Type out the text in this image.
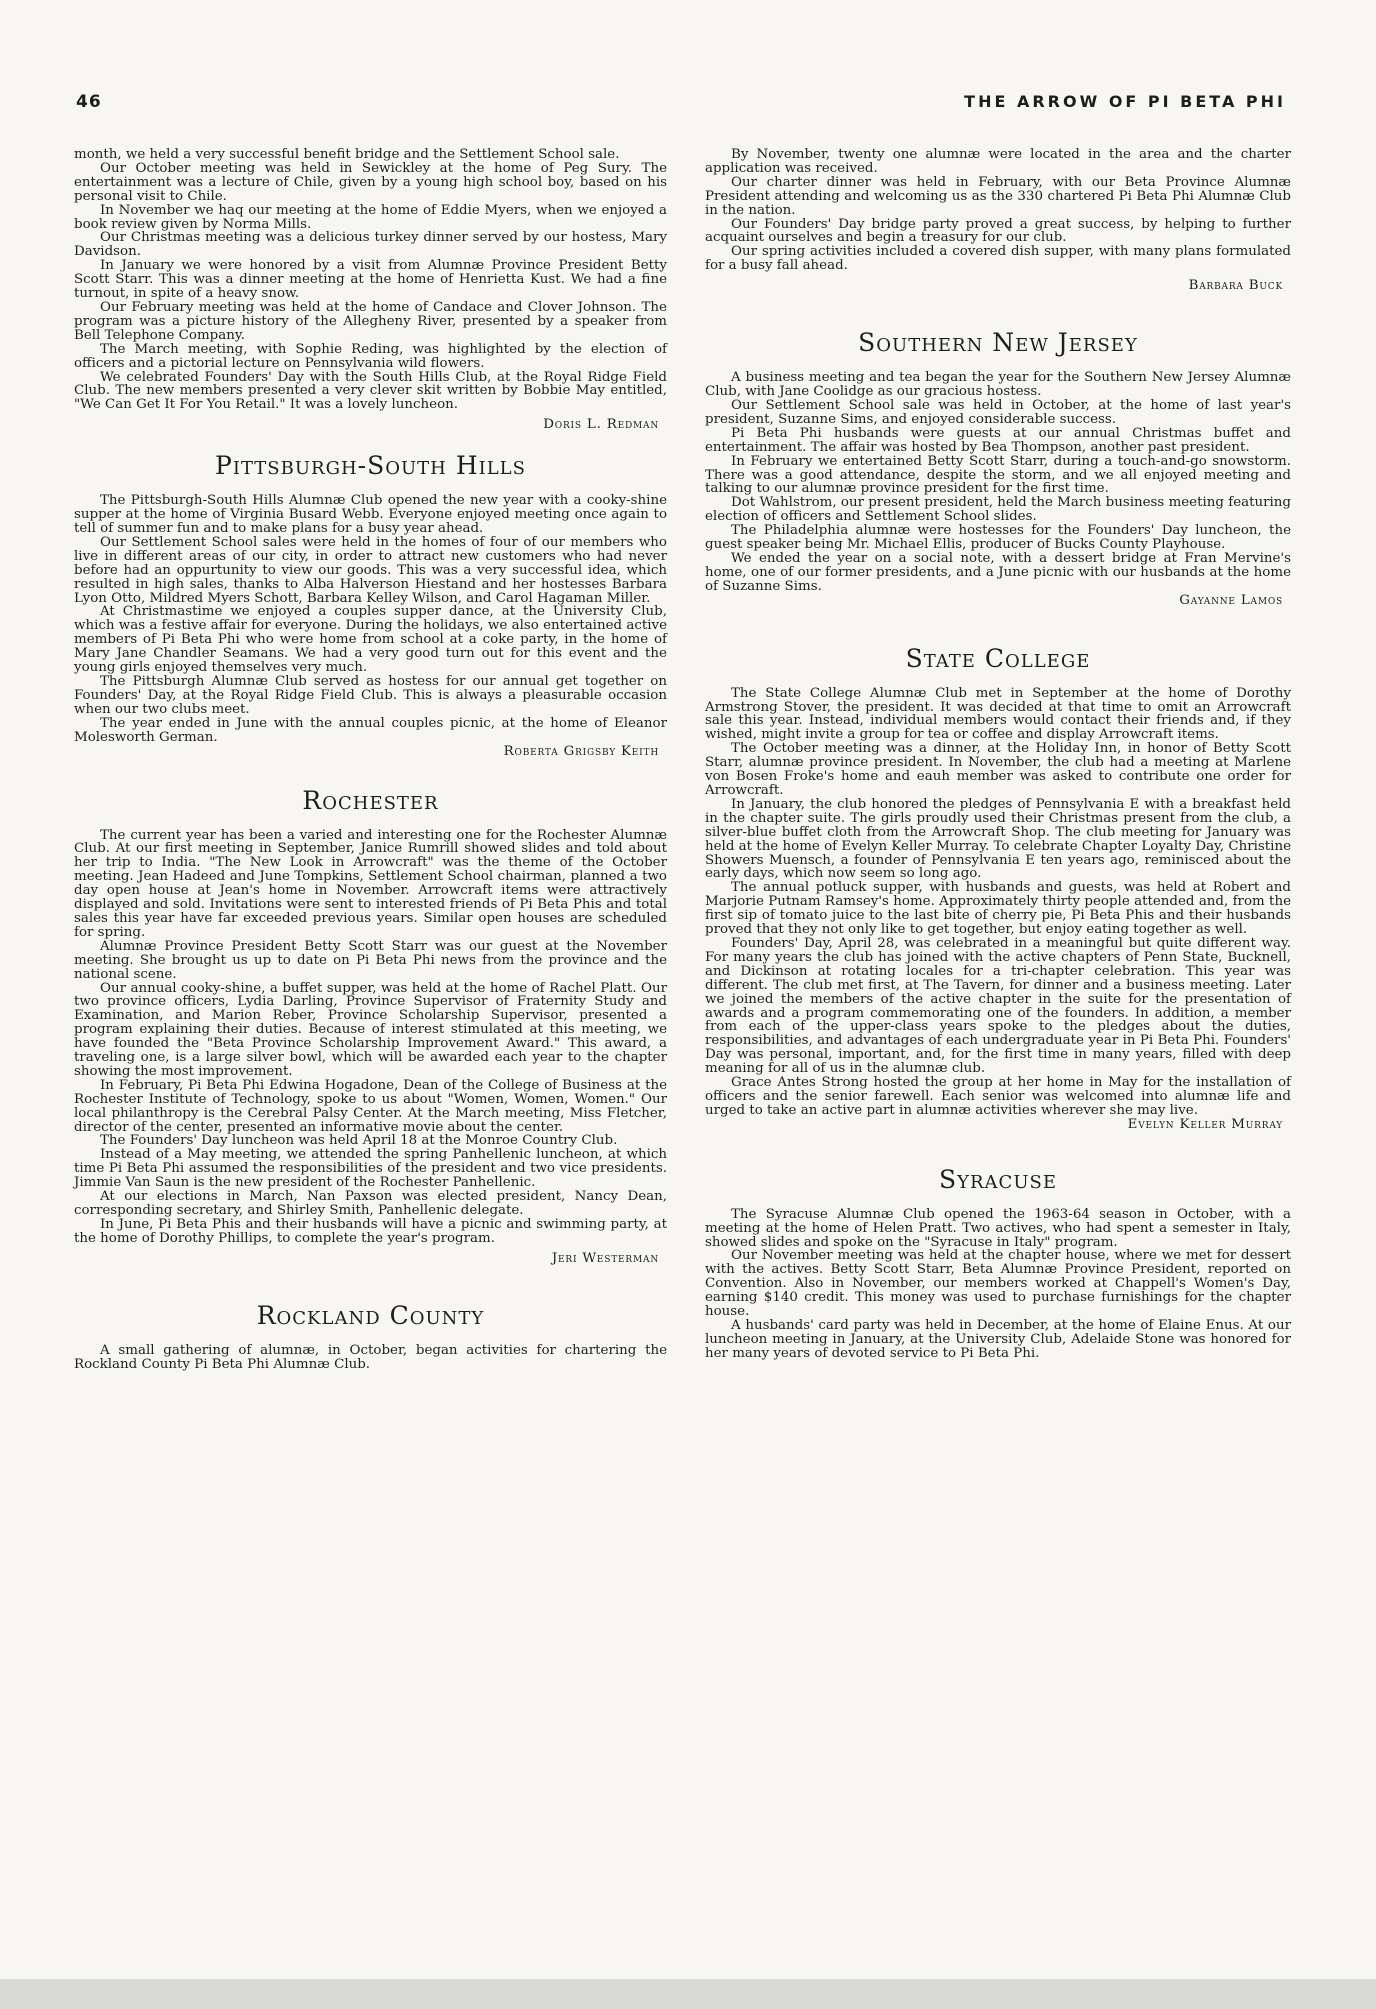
46	THE ARROW OF PI BETA PHI

month, we held a very successful benefit bridge and the Settlement School sale.

Our October meeting was held in Sewickley at the home of Peg Sury. The entertainment was a lecture of Chile, given by a young high school boy, based on his personal visit to Chile.

In November we haq our meeting at the home of Eddie Myers, when we enjoyed a book review given by Norma Mills.

Our Christmas meeting was a delicious turkey dinner served by our hostess, Mary Davidson.

In January we were honored by a visit from Alumnæ Province President Betty Scott Starr. This was a dinner meeting at the home of Henrietta Kust. We had a fine turnout, in spite of a heavy snow.

Our February meeting was held at the home of Candace and Clover Johnson. The program was a picture history of the Allegheny River, presented by a speaker from Bell Telephone Company.

The March meeting, with Sophie Reding, was highlighted by the election of officers and a pictorial lecture on Pennsylvania wild flowers.

We celebrated Founders' Day with the South Hills Club, at the Royal Ridge Field Club. The new members presented a very clever skit written by Bobbie May entitled, "We Can Get It For You Retail." It was a lovely luncheon.

Doris L. Redman
Pittsburgh-South Hills

The Pittsburgh-South Hills Alumnæ Club opened the new year with a cooky-shine supper at the home of Virginia Busard Webb. Everyone enjoyed meeting once again to tell of summer fun and to make plans for a busy year ahead.

Our Settlement School sales were held in the homes of four of our members who live in different areas of our city, in order to attract new customers who had never before had an oppurtunity to view our goods. This was a very successful idea, which resulted in high sales, thanks to Alba Halverson Hiestand and her hostesses Barbara Lyon Otto, Mildred Myers Schott, Barbara Kelley Wilson, and Carol Hagaman Miller.

At Christmastime we enjoyed a couples supper dance, at the University Club, which was a festive affair for everyone. During the holidays, we also entertained active members of Pi Beta Phi who were home from school at a coke party, in the home of Mary Jane Chandler Seamans. We had a very good turn out for this event and the young girls enjoyed themselves very much.

The Pittsburgh Alumnæ Club served as hostess for our annual get together on Founders' Day, at the Royal Ridge Field Club. This is always a pleasurable occasion when our two clubs meet.

The year ended in June with the annual couples picnic, at the home of Eleanor Molesworth German.

Roberta Grigsby Keith
Rochester

The current year has been a varied and interesting one for the Rochester Alumnæ Club. At our first meeting in September, Janice Rumrill showed slides and told about her trip to India. "The New Look in Arrowcraft" was the theme of the October meeting. Jean Hadeed and June Tompkins, Settlement School chairman, planned a two day open house at Jean's home in November. Arrowcraft items were attractively displayed and sold. Invitations were sent to interested friends of Pi Beta Phis and total sales this year have far exceeded previous years. Similar open houses are scheduled for spring.

Alumnæ Province President Betty Scott Starr was our guest at the November meeting. She brought us up to date on Pi Beta Phi news from the province and the national scene.

Our annual cooky-shine, a buffet supper, was held at the home of Rachel Platt. Our two province officers, Lydia Darling, Province Supervisor of Fraternity Study and Examination, and Marion Reber, Province Scholarship Supervisor, presented a program explaining their duties. Because of interest stimulated at this meeting, we have founded the "Beta Province Scholarship Improvement Award." This award, a traveling one, is a large silver bowl, which will be awarded each year to the chapter showing the most improvement.

In February, Pi Beta Phi Edwina Hogadone, Dean of the College of Business at the Rochester Institute of Technology, spoke to us about "Women, Women, Women." Our local philanthropy is the Cerebral Palsy Center. At the March meeting, Miss Fletcher, director of the center, presented an informative movie about the center.

The Founders' Day luncheon was held April 18 at the Monroe Country Club.

Instead of a May meeting, we attended the spring Panhellenic luncheon, at which time Pi Beta Phi assumed the responsibilities of the president and two vice presidents. Jimmie Van Saun is the new president of the Rochester Panhellenic.

At our elections in March, Nan Paxson was elected president, Nancy Dean, corresponding secretary, and Shirley Smith, Panhellenic delegate.

In June, Pi Beta Phis and their husbands will have a picnic and swimming party, at the home of Dorothy Phillips, to complete the year's program.

Jeri Westerman
Rockland County

A small gathering of alumnæ, in October, began activities for chartering the Rockland County Pi Beta Phi Alumnæ Club.

By November, twenty one alumnæ were located in the area and the charter application was received.

Our charter dinner was held in February, with our Beta Province Alumnæ President attending and welcoming us as the 330 chartered Pi Beta Phi Alumnæ Club in the nation.

Our Founders' Day bridge party proved a great success, by helping to further acquaint ourselves and begin a treasury for our club.

Our spring activities included a covered dish supper, with many plans formulated for a busy fall ahead.

Barbara Buck
Southern New Jersey

A business meeting and tea began the year for the Southern New Jersey Alumnæ Club, with Jane Coolidge as our gracious hostess.

Our Settlement School sale was held in October, at the home of last year's president, Suzanne Sims, and enjoyed considerable success.

Pi Beta Phi husbands were guests at our annual Christmas buffet and entertainment. The affair was hosted by Bea Thompson, another past president.

In February we entertained Betty Scott Starr, during a touch-and-go snowstorm. There was a good attendance, despite the storm, and we all enjoyed meeting and talking to our alumnæ province president for the first time.

Dot Wahlstrom, our present president, held the March business meeting featuring election of officers and Settlement School slides.

The Philadelphia alumnæ were hostesses for the Founders' Day luncheon, the guest speaker being Mr. Michael Ellis, producer of Bucks County Playhouse.

We ended the year on a social note, with a dessert bridge at Fran Mervine's home, one of our former presidents, and a June picnic with our husbands at the home of Suzanne Sims.

Gayanne Lamos
State College

The State College Alumnæ Club met in September at the home of Dorothy Armstrong Stover, the president. It was decided at that time to omit an Arrowcraft sale this year. Instead, individual members would contact their friends and, if they wished, might invite a group for tea or coffee and display Arrowcraft items.

The October meeting was a dinner, at the Holiday Inn, in honor of Betty Scott Starr, alumnæ province president. In November, the club had a meeting at Marlene von Bosen Froke's home and eauh member was asked to contribute one order for Arrowcraft.

In January, the club honored the pledges of Pennsylvania E with a breakfast held in the chapter suite. The girls proudly used their Christmas present from the club, a silver-blue buffet cloth from the Arrowcraft Shop. The club meeting for January was held at the home of Evelyn Keller Murray. To celebrate Chapter Loyalty Day, Christine Showers Muensch, a founder of Pennsylvania E ten years ago, reminisced about the early days, which now seem so long ago.

The annual potluck supper, with husbands and guests, was held at Robert and Marjorie Putnam Ramsey's home. Approximately thirty people attended and, from the first sip of tomato juice to the last bite of cherry pie, Pi Beta Phis and their husbands proved that they not only like to get together, but enjoy eating together as well.

Founders' Day, April 28, was celebrated in a meaningful but quite different way. For many years the club has joined with the active chapters of Penn State, Bucknell, and Dickinson at rotating locales for a tri-chapter celebration. This year was different. The club met first, at The Tavern, for dinner and a business meeting. Later we joined the members of the active chapter in the suite for the presentation of awards and a program commemorating one of the founders. In addition, a member from each of the upper-class years spoke to the pledges about the duties, responsibilities, and advantages of each undergraduate year in Pi Beta Phi. Founders' Day was personal, important, and, for the first time in many years, filled with deep meaning for all of us in the alumnæ club.

Grace Antes Strong hosted the group at her home in May for the installation of officers and the senior farewell. Each senior was welcomed into alumnæ life and urged to take an active part in alumnæ activities wherever she may live.

Evelyn Keller Murray
Syracuse

The Syracuse Alumnæ Club opened the 1963-64 season in October, with a meeting at the home of Helen Pratt. Two actives, who had spent a semester in Italy, showed slides and spoke on the "Syracuse in Italy" program.

Our November meeting was held at the chapter house, where we met for dessert with the actives. Betty Scott Starr, Beta Alumnæ Province President, reported on Convention. Also in November, our members worked at Chappell's Women's Day, earning $140 credit. This money was used to purchase furnishings for the chapter house.

A husbands' card party was held in December, at the home of Elaine Enus. At our luncheon meeting in January, at the University Club, Adelaide Stone was honored for her many years of devoted service to Pi Beta Phi.
